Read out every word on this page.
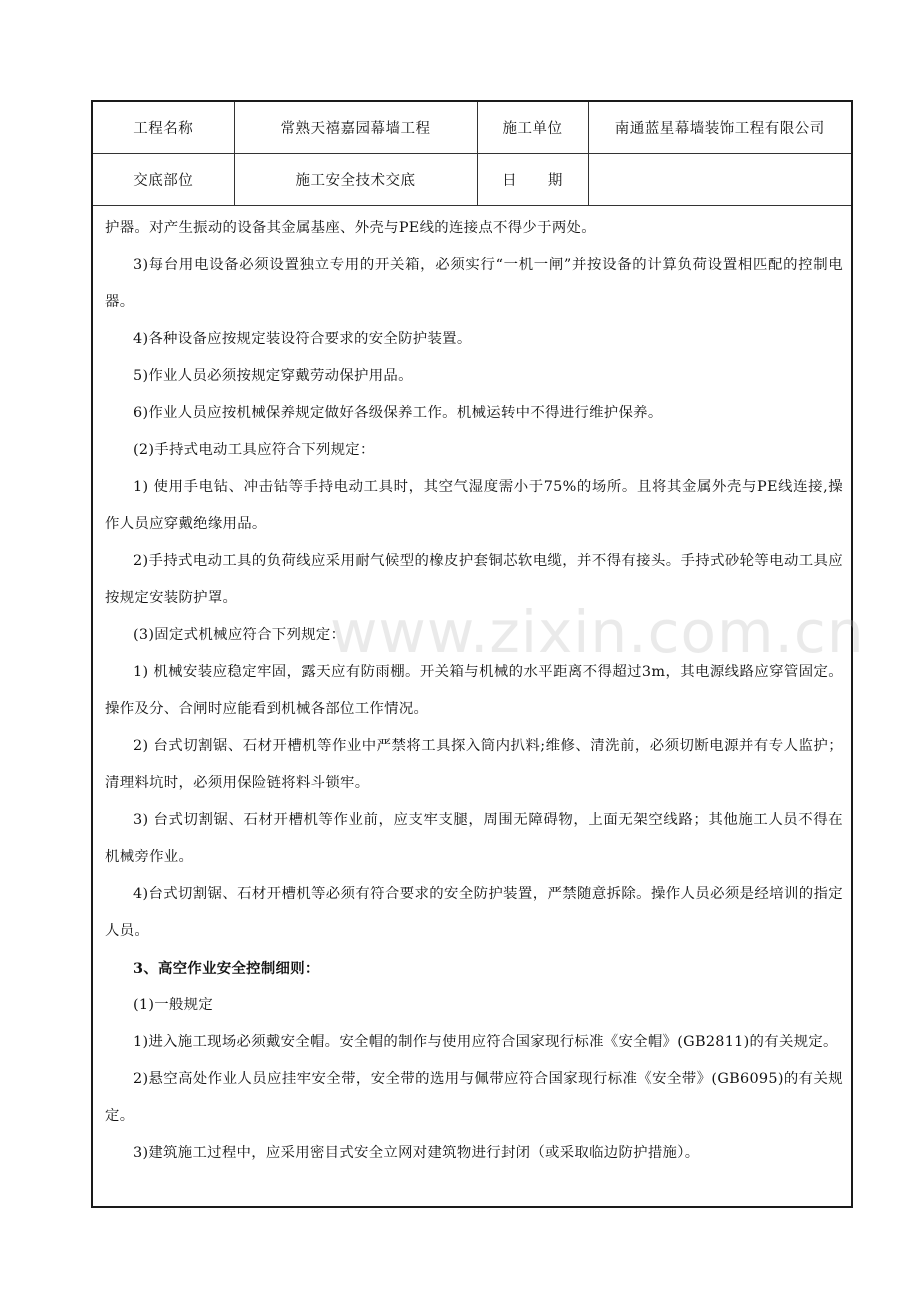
工程名称	常熟天禧嘉园幕墙工程	施工单位	南通蓝星幕墙装饰工程有限公司
交底部位	施工安全技术交底	日      期	

护器。对产生振动的设备其金属基座、外壳与PE线的连接点不得少于两处。

3)每台用电设备必须设置独立专用的开关箱，必须实行“一机一闸”并按设备的计算负荷设置相匹配的控制电器。

4)各种设备应按规定装设符合要求的安全防护装置。

5)作业人员必须按规定穿戴劳动保护用品。

6)作业人员应按机械保养规定做好各级保养工作。机械运转中不得进行维护保养。

(2)手持式电动工具应符合下列规定：

1) 使用手电钻、冲击钻等手持电动工具时，其空气湿度需小于75%的场所。且将其金属外壳与PE线连接,操作人员应穿戴绝缘用品。

2)手持式电动工具的负荷线应采用耐气候型的橡皮护套铜芯软电缆，并不得有接头。手持式砂轮等电动工具应按规定安装防护罩。

(3)固定式机械应符合下列规定：

1) 机械安装应稳定牢固，露天应有防雨棚。开关箱与机械的水平距离不得超过3m，其电源线路应穿管固定。操作及分、合闸时应能看到机械各部位工作情况。

2) 台式切割锯、石材开槽机等作业中严禁将工具探入筒内扒料;维修、清洗前，必须切断电源并有专人监护；清理料坑时，必须用保险链将料斗锁牢。

3) 台式切割锯、石材开槽机等作业前，应支牢支腿，周围无障碍物，上面无架空线路；其他施工人员不得在机械旁作业。

4)台式切割锯、石材开槽机等必须有符合要求的安全防护装置，严禁随意拆除。操作人员必须是经培训的指定人员。

3、高空作业安全控制细则：

(1)一般规定

1)进入施工现场必须戴安全帽。安全帽的制作与使用应符合国家现行标准《安全帽》(GB2811)的有关规定。

2)悬空高处作业人员应挂牢安全带，安全带的选用与佩带应符合国家现行标准《安全带》(GB6095)的有关规定。

3)建筑施工过程中，应采用密目式安全立网对建筑物进行封闭（或采取临边防护措施）。

www.zixin.com.cn
